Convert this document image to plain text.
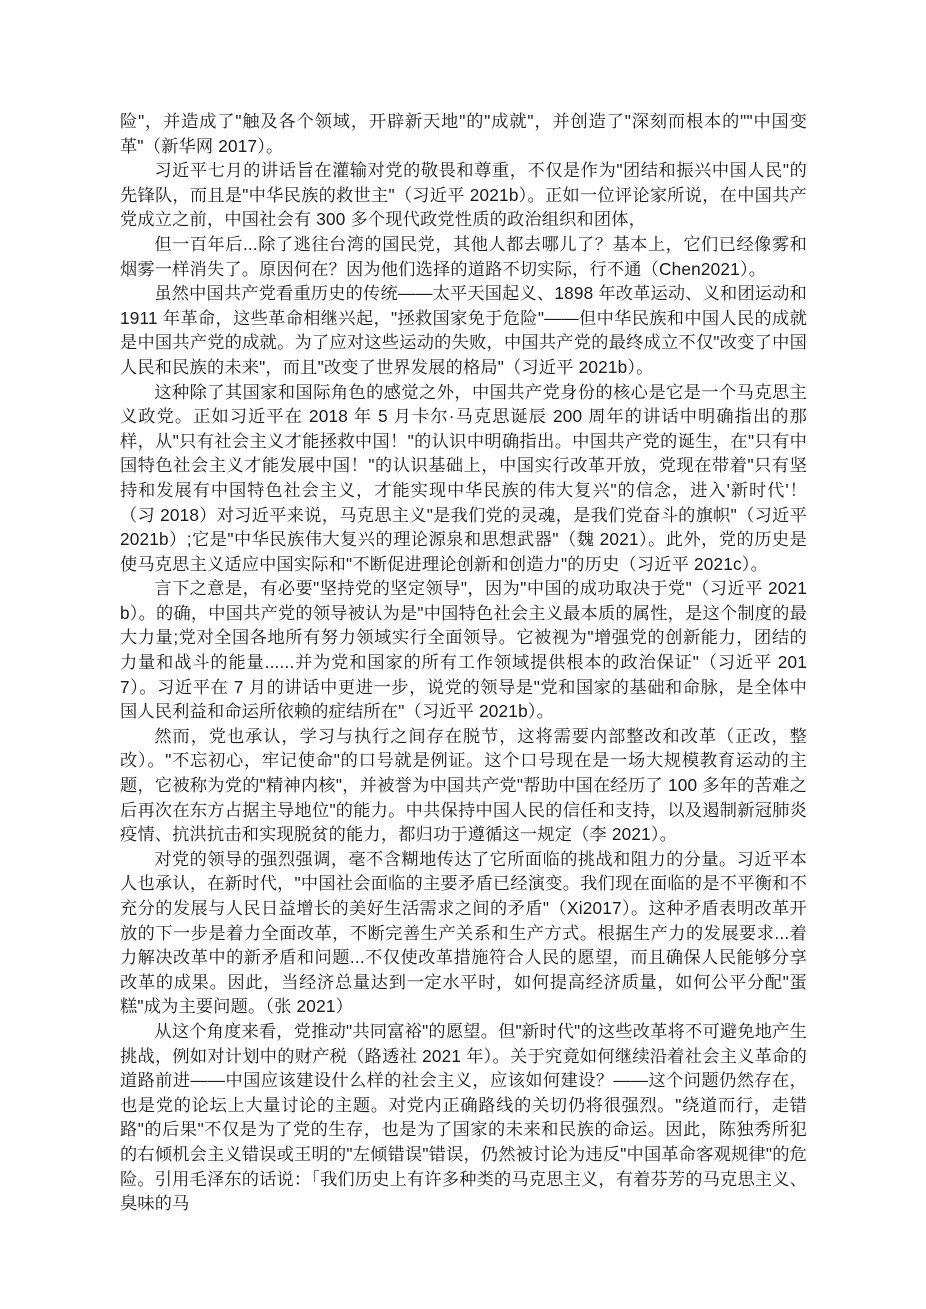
险"，并造成了"触及各个领域，开辟新天地"的"成就"，并创造了"深刻而根本的""中国变革"（新华网 2017）。

习近平七月的讲话旨在灌输对党的敬畏和尊重，不仅是作为"团结和振兴中国人民"的先锋队，而且是"中华民族的救世主"（习近平 2021b）。正如一位评论家所说，在中国共产党成立之前，中国社会有 300 多个现代政党性质的政治组织和团体，

但一百年后...除了逃往台湾的国民党，其他人都去哪儿了？基本上，它们已经像雾和烟雾一样消失了。原因何在？因为他们选择的道路不切实际，行不通（Chen2021）。

虽然中国共产党看重历史的传统——太平天国起义、1898 年改革运动、义和团运动和 1911 年革命，这些革命相继兴起，"拯救国家免于危险"——但中华民族和中国人民的成就是中国共产党的成就。为了应对这些运动的失败，中国共产党的最终成立不仅"改变了中国人民和民族的未来"，而且"改变了世界发展的格局"（习近平 2021b）。

这种除了其国家和国际角色的感觉之外，中国共产党身份的核心是它是一个马克思主义政党。正如习近平在 2018 年 5 月卡尔·马克思诞辰 200 周年的讲话中明确指出的那样，从"只有社会主义才能拯救中国！"的认识中明确指出。中国共产党的诞生，在"只有中国特色社会主义才能发展中国！"的认识基础上，中国实行改革开放，党现在带着"只有坚持和发展有中国特色社会主义，才能实现中华民族的伟大复兴"的信念，进入'新时代'！（习 2018）对习近平来说，马克思主义"是我们党的灵魂，是我们党奋斗的旗帜"（习近平 2021b）;它是"中华民族伟大复兴的理论源泉和思想武器"（魏 2021）。此外，党的历史是使马克思主义适应中国实际和"不断促进理论创新和创造力"的历史（习近平 2021c）。

言下之意是，有必要"坚持党的坚定领导"，因为"中国的成功取决于党"（习近平 2021b）。的确，中国共产党的领导被认为是"中国特色社会主义最本质的属性，是这个制度的最大力量;党对全国各地所有努力领域实行全面领导。它被视为"增强党的创新能力，团结的力量和战斗的能量......并为党和国家的所有工作领域提供根本的政治保证"（习近平 2017）。习近平在 7 月的讲话中更进一步，说党的领导是"党和国家的基础和命脉，是全体中国人民利益和命运所依赖的症结所在"（习近平 2021b）。

然而，党也承认，学习与执行之间存在脱节，这将需要内部整改和改革（正改，整改）。"不忘初心，牢记使命"的口号就是例证。这个口号现在是一场大规模教育运动的主题，它被称为党的"精神内核"，并被誉为中国共产党"帮助中国在经历了 100 多年的苦难之后再次在东方占据主导地位"的能力。中共保持中国人民的信任和支持，以及遏制新冠肺炎疫情、抗洪抗击和实现脱贫的能力，都归功于遵循这一规定（李 2021）。

对党的领导的强烈强调，毫不含糊地传达了它所面临的挑战和阻力的分量。习近平本人也承认，在新时代，"中国社会面临的主要矛盾已经演变。我们现在面临的是不平衡和不充分的发展与人民日益增长的美好生活需求之间的矛盾"（Xi2017）。这种矛盾表明改革开放的下一步是着力全面改革，不断完善生产关系和生产方式。根据生产力的发展要求...着力解决改革中的新矛盾和问题...不仅使改革措施符合人民的愿望，而且确保人民能够分享改革的成果。因此，当经济总量达到一定水平时，如何提高经济质量，如何公平分配"蛋糕"成为主要问题。（张 2021）

从这个角度来看，党推动"共同富裕"的愿望。但"新时代"的这些改革将不可避免地产生挑战，例如对计划中的财产税（路透社 2021 年）。关于究竟如何继续沿着社会主义革命的道路前进——中国应该建设什么样的社会主义，应该如何建设？——这个问题仍然存在，也是党的论坛上大量讨论的主题。对党内正确路线的关切仍将很强烈。"绕道而行，走错路"的后果"不仅是为了党的生存，也是为了国家的未来和民族的命运。因此，陈独秀所犯的右倾机会主义错误或王明的"左倾错误"错误，仍然被讨论为违反"中国革命客观规律"的危险。引用毛泽东的话说：「我们历史上有许多种类的马克思主义，有着芬芳的马克思主义、臭味的马
